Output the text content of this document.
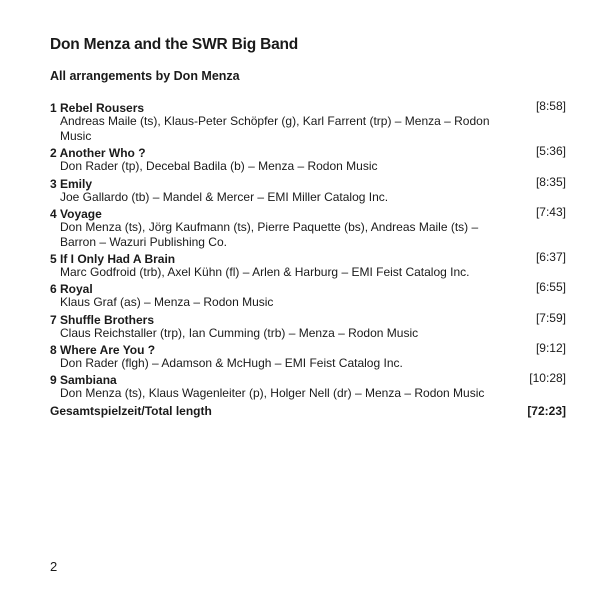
Don Menza and the SWR Big Band
All arrangements by Don Menza
1 Rebel Rousers	[8:58]
Andreas Maile (ts), Klaus-Peter Schöpfer (g), Karl Farrent (trp) – Menza – Rodon Music
2 Another Who ?	[5:36]
Don Rader (tp), Decebal Badila (b) – Menza – Rodon Music
3 Emily	[8:35]
Joe Gallardo (tb) – Mandel & Mercer – EMI Miller Catalog Inc.
4 Voyage	[7:43]
Don Menza (ts), Jörg Kaufmann (ts), Pierre Paquette (bs), Andreas Maile (ts) –
Barron – Wazuri Publishing Co.
5 If I Only Had A Brain	[6:37]
Marc Godfroid (trb), Axel Kühn (fl) – Arlen & Harburg – EMI Feist Catalog Inc.
6 Royal	[6:55]
Klaus Graf (as) – Menza – Rodon Music
7 Shuffle Brothers	[7:59]
Claus Reichstaller (trp), Ian Cumming (trb) – Menza – Rodon Music
8 Where Are You ?	[9:12]
Don Rader (flgh) – Adamson & McHugh – EMI Feist Catalog Inc.
9 Sambiana	[10:28]
Don Menza (ts), Klaus Wagenleiter (p), Holger Nell (dr) – Menza – Rodon Music
Gesamtspielzeit/Total length	[72:23]
2
